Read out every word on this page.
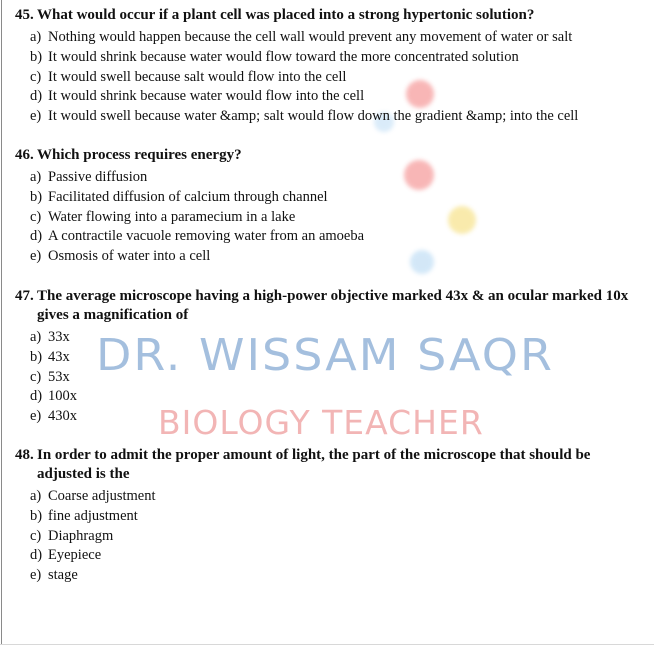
DR. WISSAM SAQR
BIOLOGY TEACHER
45. What would occur if a plant cell was placed into a strong hypertonic solution?
a) Nothing would happen because the cell wall would prevent any movement of water or salt
b) It would shrink because water would flow toward the more concentrated solution
c) It would swell because salt would flow into the cell
d) It would shrink because water would flow into the cell
e) It would swell because water &amp; salt would flow down the gradient &amp; into the cell
46. Which process requires energy?
a) Passive diffusion
b) Facilitated diffusion of calcium through channel
c) Water flowing into a paramecium in a lake
d) A contractile vacuole removing water from an amoeba
e) Osmosis of water into a cell
47. The average microscope having a high-power objective marked 43x & an ocular marked 10x gives a magnification of
a) 33x
b) 43x
c) 53x
d) 100x
e) 430x
48. In order to admit the proper amount of light, the part of the microscope that should be adjusted is the
a) Coarse adjustment
b) fine adjustment
c) Diaphragm
d) Eyepiece
e) stage
